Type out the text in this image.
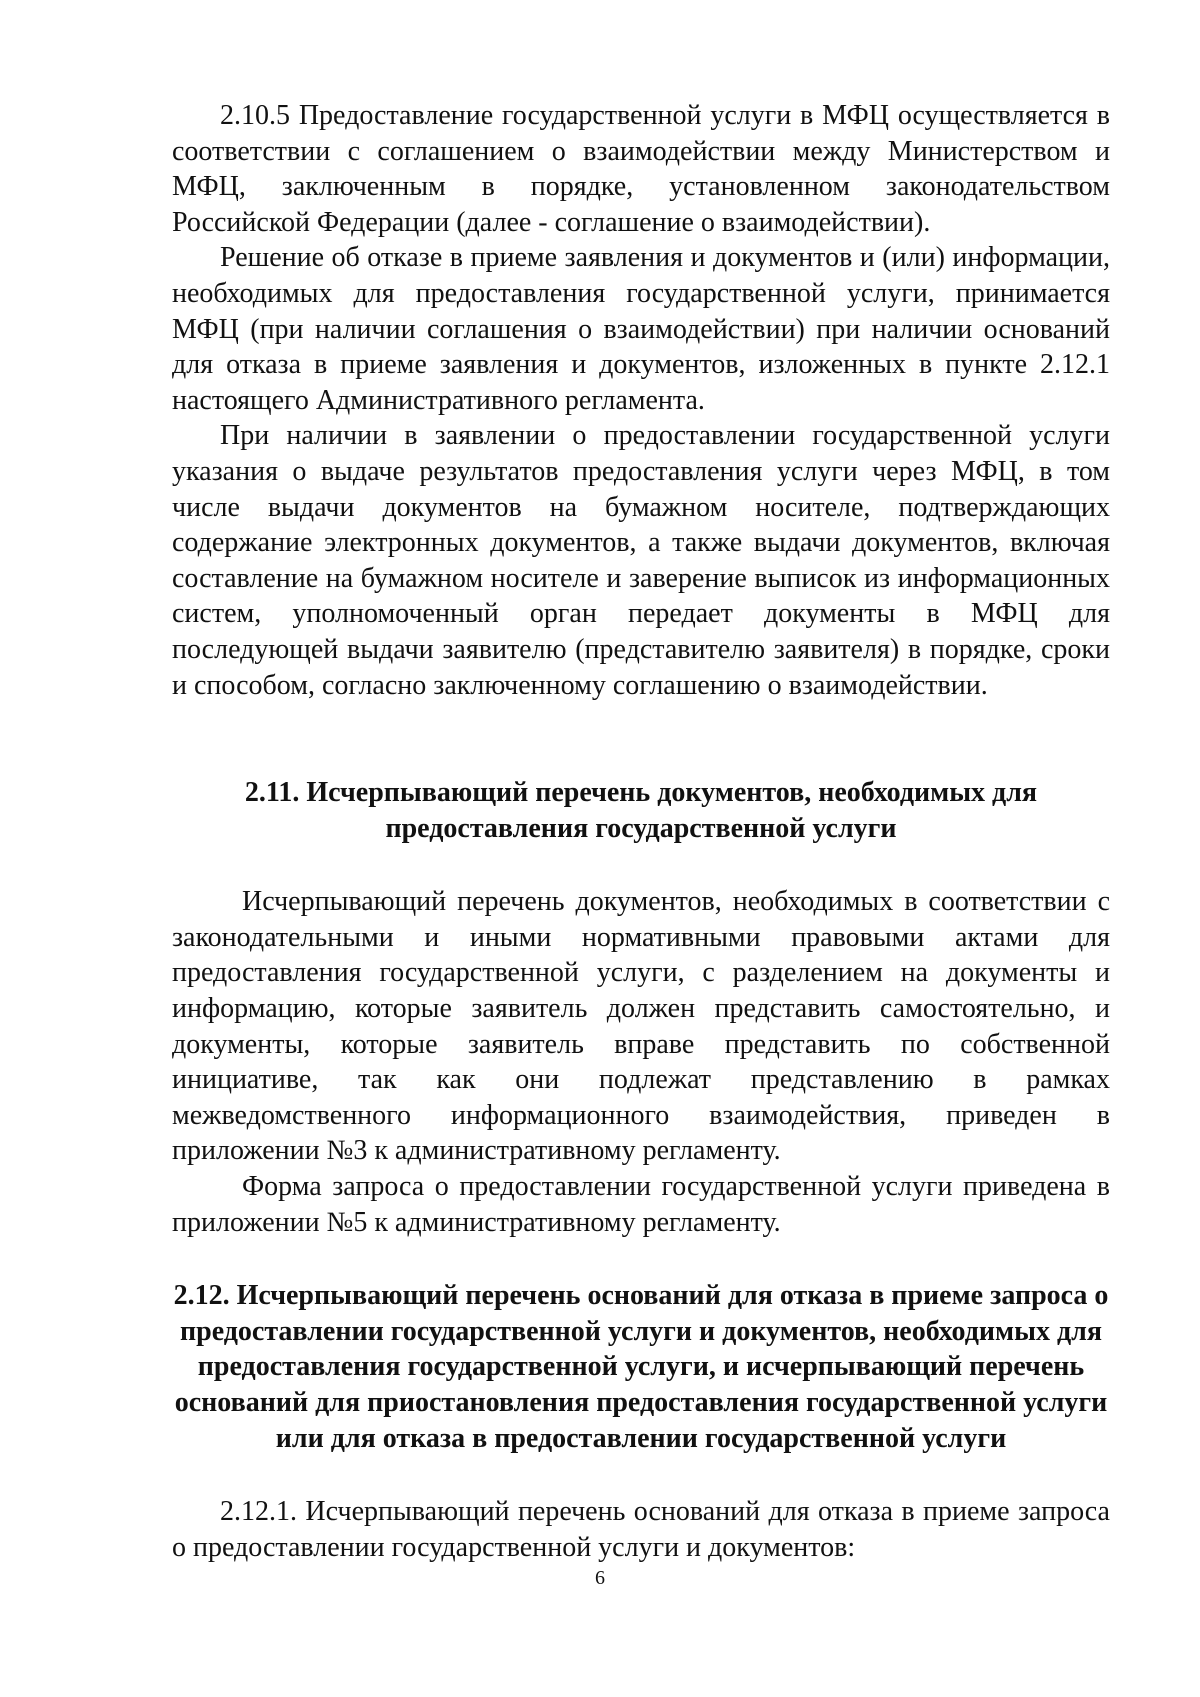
2.10.5 Предоставление государственной услуги в МФЦ осуществляется в соответствии с соглашением о взаимодействии между Министерством и МФЦ, заключенным в порядке, установленном законодательством Российской Федерации (далее - соглашение о взаимодействии).

Решение об отказе в приеме заявления и документов и (или) информации, необходимых для предоставления государственной услуги, принимается МФЦ (при наличии соглашения о взаимодействии) при наличии оснований для отказа в приеме заявления и документов, изложенных в пункте 2.12.1 настоящего Административного регламента.

При наличии в заявлении о предоставлении государственной услуги указания о выдаче результатов предоставления услуги через МФЦ, в том числе выдачи документов на бумажном носителе, подтверждающих содержание электронных документов, а также выдачи документов, включая составление на бумажном носителе и заверение выписок из информационных систем, уполномоченный орган передает документы в МФЦ для последующей выдачи заявителю (представителю заявителя) в порядке, сроки и способом, согласно заключенному соглашению о взаимодействии.

2.11. Исчерпывающий перечень документов, необходимых для предоставления государственной услуги

Исчерпывающий перечень документов, необходимых в соответствии с законодательными и иными нормативными правовыми актами для предоставления государственной услуги, с разделением на документы и информацию, которые заявитель должен представить самостоятельно, и документы, которые заявитель вправе представить по собственной инициативе, так как они подлежат представлению в рамках межведомственного информационного взаимодействия, приведен в приложении №3 к административному регламенту.

Форма запроса о предоставлении государственной услуги приведена в приложении №5 к административному регламенту.

2.12. Исчерпывающий перечень оснований для отказа в приеме запроса о предоставлении государственной услуги и документов, необходимых для предоставления государственной услуги, и исчерпывающий перечень оснований для приостановления предоставления государственной услуги или для отказа в предоставлении государственной услуги

2.12.1. Исчерпывающий перечень оснований для отказа в приеме запроса о предоставлении государственной услуги и документов:

6
